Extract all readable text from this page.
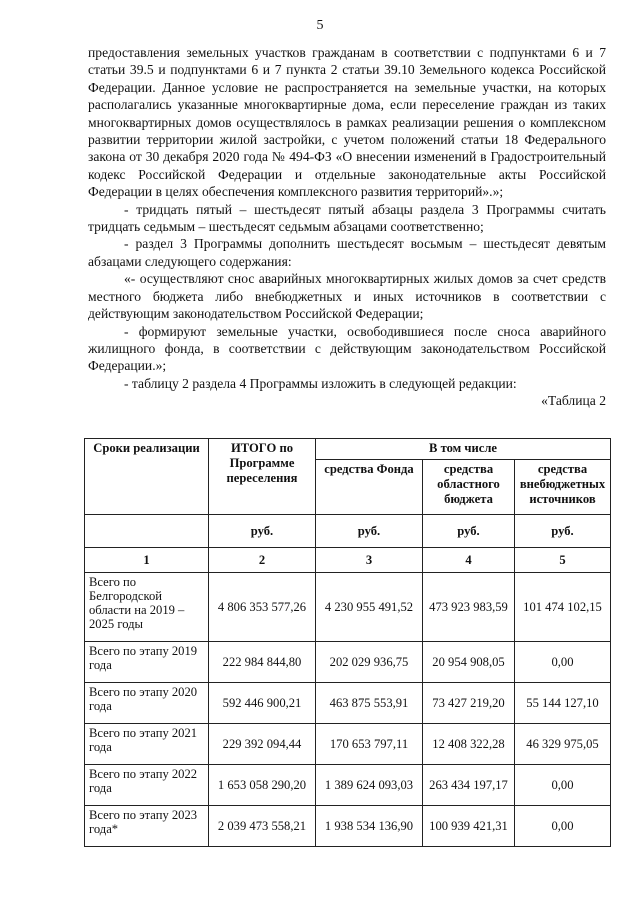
5

предоставления земельных участков гражданам в соответствии с подпунктами 6 и 7 статьи 39.5 и подпунктами 6 и 7 пункта 2 статьи 39.10 Земельного кодекса Российской Федерации. Данное условие не распространяется на земельные участки, на которых располагались указанные многоквартирные дома, если переселение граждан из таких многоквартирных домов осуществлялось в рамках реализации решения о комплексном развитии территории жилой застройки, с учетом положений статьи 18 Федерального закона от 30 декабря 2020 года № 494-ФЗ «О внесении изменений в Градостроительный кодекс Российской Федерации и отдельные законодательные акты Российской Федерации в целях обеспечения комплексного развития территорий».»;

- тридцать пятый – шестьдесят пятый абзацы раздела 3 Программы считать тридцать седьмым – шестьдесят седьмым абзацами соответственно;

- раздел 3 Программы дополнить шестьдесят восьмым – шестьдесят девятым абзацами следующего содержания:

«- осуществляют снос аварийных многоквартирных жилых домов за счет средств местного бюджета либо внебюджетных и иных источников в соответствии с действующим законодательством Российской Федерации;

- формируют земельные участки, освободившиеся после сноса аварийного жилищного фонда, в соответствии с действующим законодательством Российской Федерации.»;

- таблицу 2 раздела 4 Программы изложить в следующей редакции:

«Таблица 2

Сроки реализации	ИТОГО по Программе переселения	В том числе		
		средства Фонда	средства областного бюджета	средства внебюджетных источников
	руб.	руб.	руб.	руб.
1	2	3	4	5
Всего по Белгородской области на 2019 – 2025 годы	4 806 353 577,26	4 230 955 491,52	473 923 983,59	101 474 102,15
Всего по этапу 2019 года	222 984 844,80	202 029 936,75	20 954 908,05	0,00
Всего по этапу 2020 года	592 446 900,21	463 875 553,91	73 427 219,20	55 144 127,10
Всего по этапу 2021 года	229 392 094,44	170 653 797,11	12 408 322,28	46 329 975,05
Всего по этапу 2022 года	1 653 058 290,20	1 389 624 093,03	263 434 197,17	0,00
Всего по этапу 2023 года*	2 039 473 558,21	1 938 534 136,90	100 939 421,31	0,00
